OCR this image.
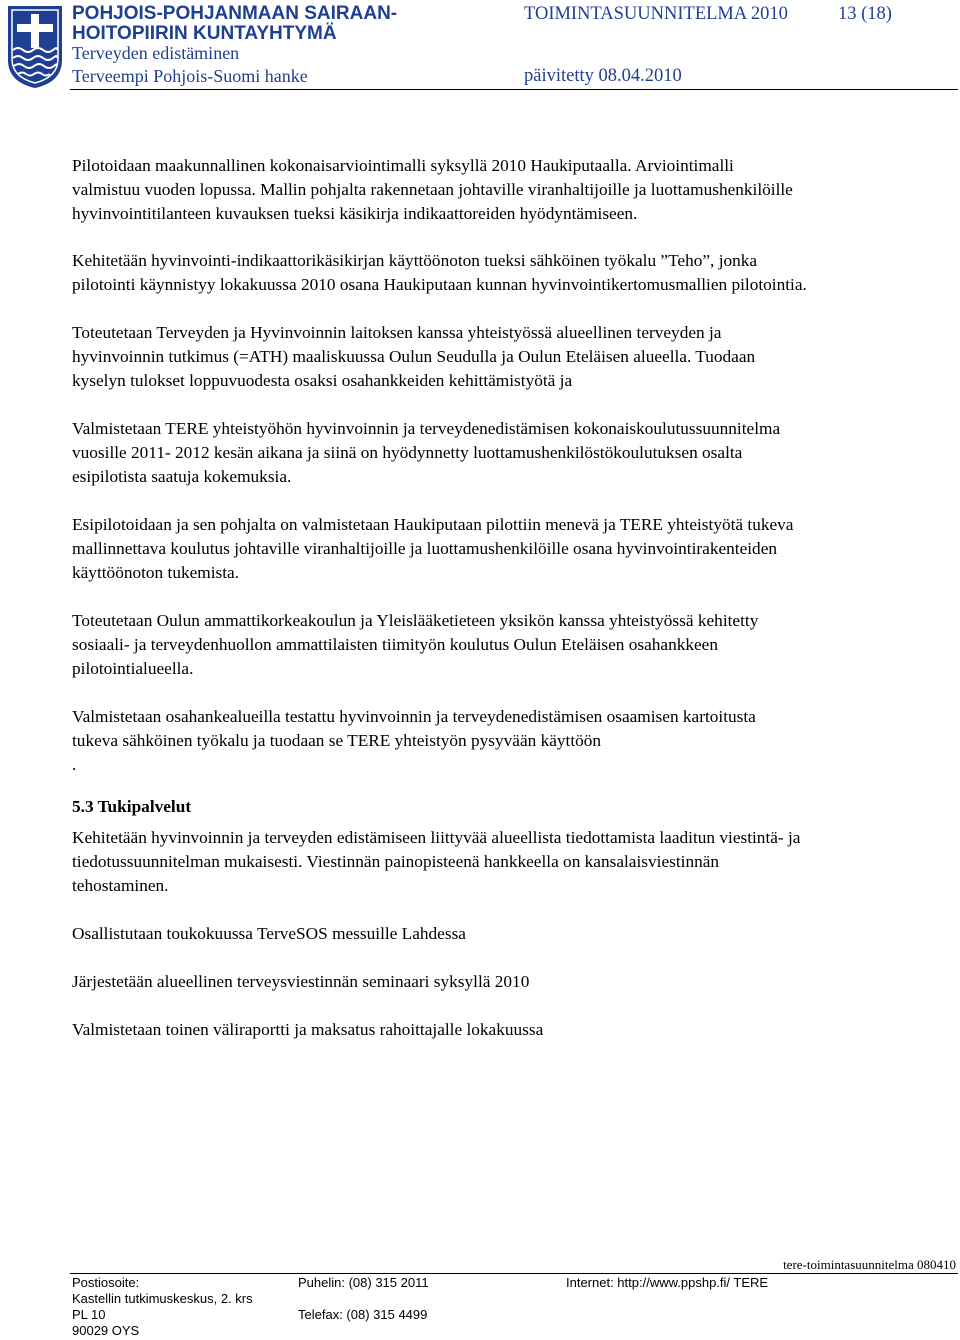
POHJOIS-POHJANMAAN SAIRAAN-
HOITOPIIRIN KUNTAYHTYMÄ
Terveyden edistäminen
Terveempi Pohjois-Suomi hanke
TOIMINTASUUNNITELMA 2010	13 (18)
päivitetty 08.04.2010
Pilotoidaan maakunnallinen kokonaisarviointimalli syksyllä 2010 Haukiputaalla. Arviointimalli
valmistuu vuoden lopussa. Mallin pohjalta rakennetaan johtaville viranhaltijoille ja luottamushenkilöille
hyvinvointitilanteen kuvauksen tueksi käsikirja indikaattoreiden hyödyntämiseen.
Kehitetään hyvinvointi-indikaattorikäsikirjan käyttöönoton tueksi sähköinen työkalu ”Teho”, jonka
pilotointi käynnistyy lokakuussa 2010 osana Haukiputaan kunnan hyvinvointikertomusmallien pilotointia.
Toteutetaan Terveyden ja Hyvinvoinnin laitoksen kanssa yhteistyössä alueellinen terveyden ja
hyvinvoinnin tutkimus (=ATH) maaliskuussa Oulun Seudulla ja Oulun Eteläisen alueella. Tuodaan
kyselyn tulokset loppuvuodesta osaksi osahankkeiden kehittämistyötä ja
Valmistetaan TERE yhteistyöhön hyvinvoinnin ja terveydenedistämisen kokonaiskoulutussuunnitelma
vuosille 2011- 2012 kesän aikana ja siinä on hyödynnetty luottamushenkilöstökoulutuksen osalta
esipilotista saatuja kokemuksia.
Esipilotoidaan ja sen pohjalta on valmistetaan Haukiputaan pilottiin menevä ja TERE yhteistyötä tukeva
mallinnettava koulutus johtaville viranhaltijoille ja luottamushenkilöille osana hyvinvointirakenteiden
käyttöönoton tukemista.
Toteutetaan Oulun ammattikorkeakoulun ja Yleislääketieteen yksikön kanssa yhteistyössä kehitetty
sosiaali- ja terveydenhuollon ammattilaisten tiimityön koulutus Oulun Eteläisen osahankkeen
pilotointialueella.
Valmistetaan osahankealueilla testattu hyvinvoinnin ja terveydenedistämisen osaamisen kartoitusta
tukeva sähköinen työkalu ja tuodaan se TERE yhteistyön pysyvään käyttöön
.
5.3 Tukipalvelut
Kehitetään hyvinvoinnin ja terveyden edistämiseen liittyvää alueellista tiedottamista laaditun viestintä- ja
tiedotussuunnitelman mukaisesti. Viestinnän painopisteenä hankkeella on kansalaisviestinnän
tehostaminen.
Osallistutaan toukokuussa TerveSOS messuille Lahdessa
Järjestetään alueellinen terveysviestinnän seminaari syksyllä 2010
Valmistetaan toinen väliraportti ja maksatus rahoittajalle lokakuussa
tere-toimintasuunnitelma 080410
Postiosoite:
Kastellin tutkimuskeskus, 2. krs
PL 10
90029 OYS
Puhelin: (08) 315 2011
Telefax: (08) 315 4499
Internet: http://www.ppshp.fi/ TERE
